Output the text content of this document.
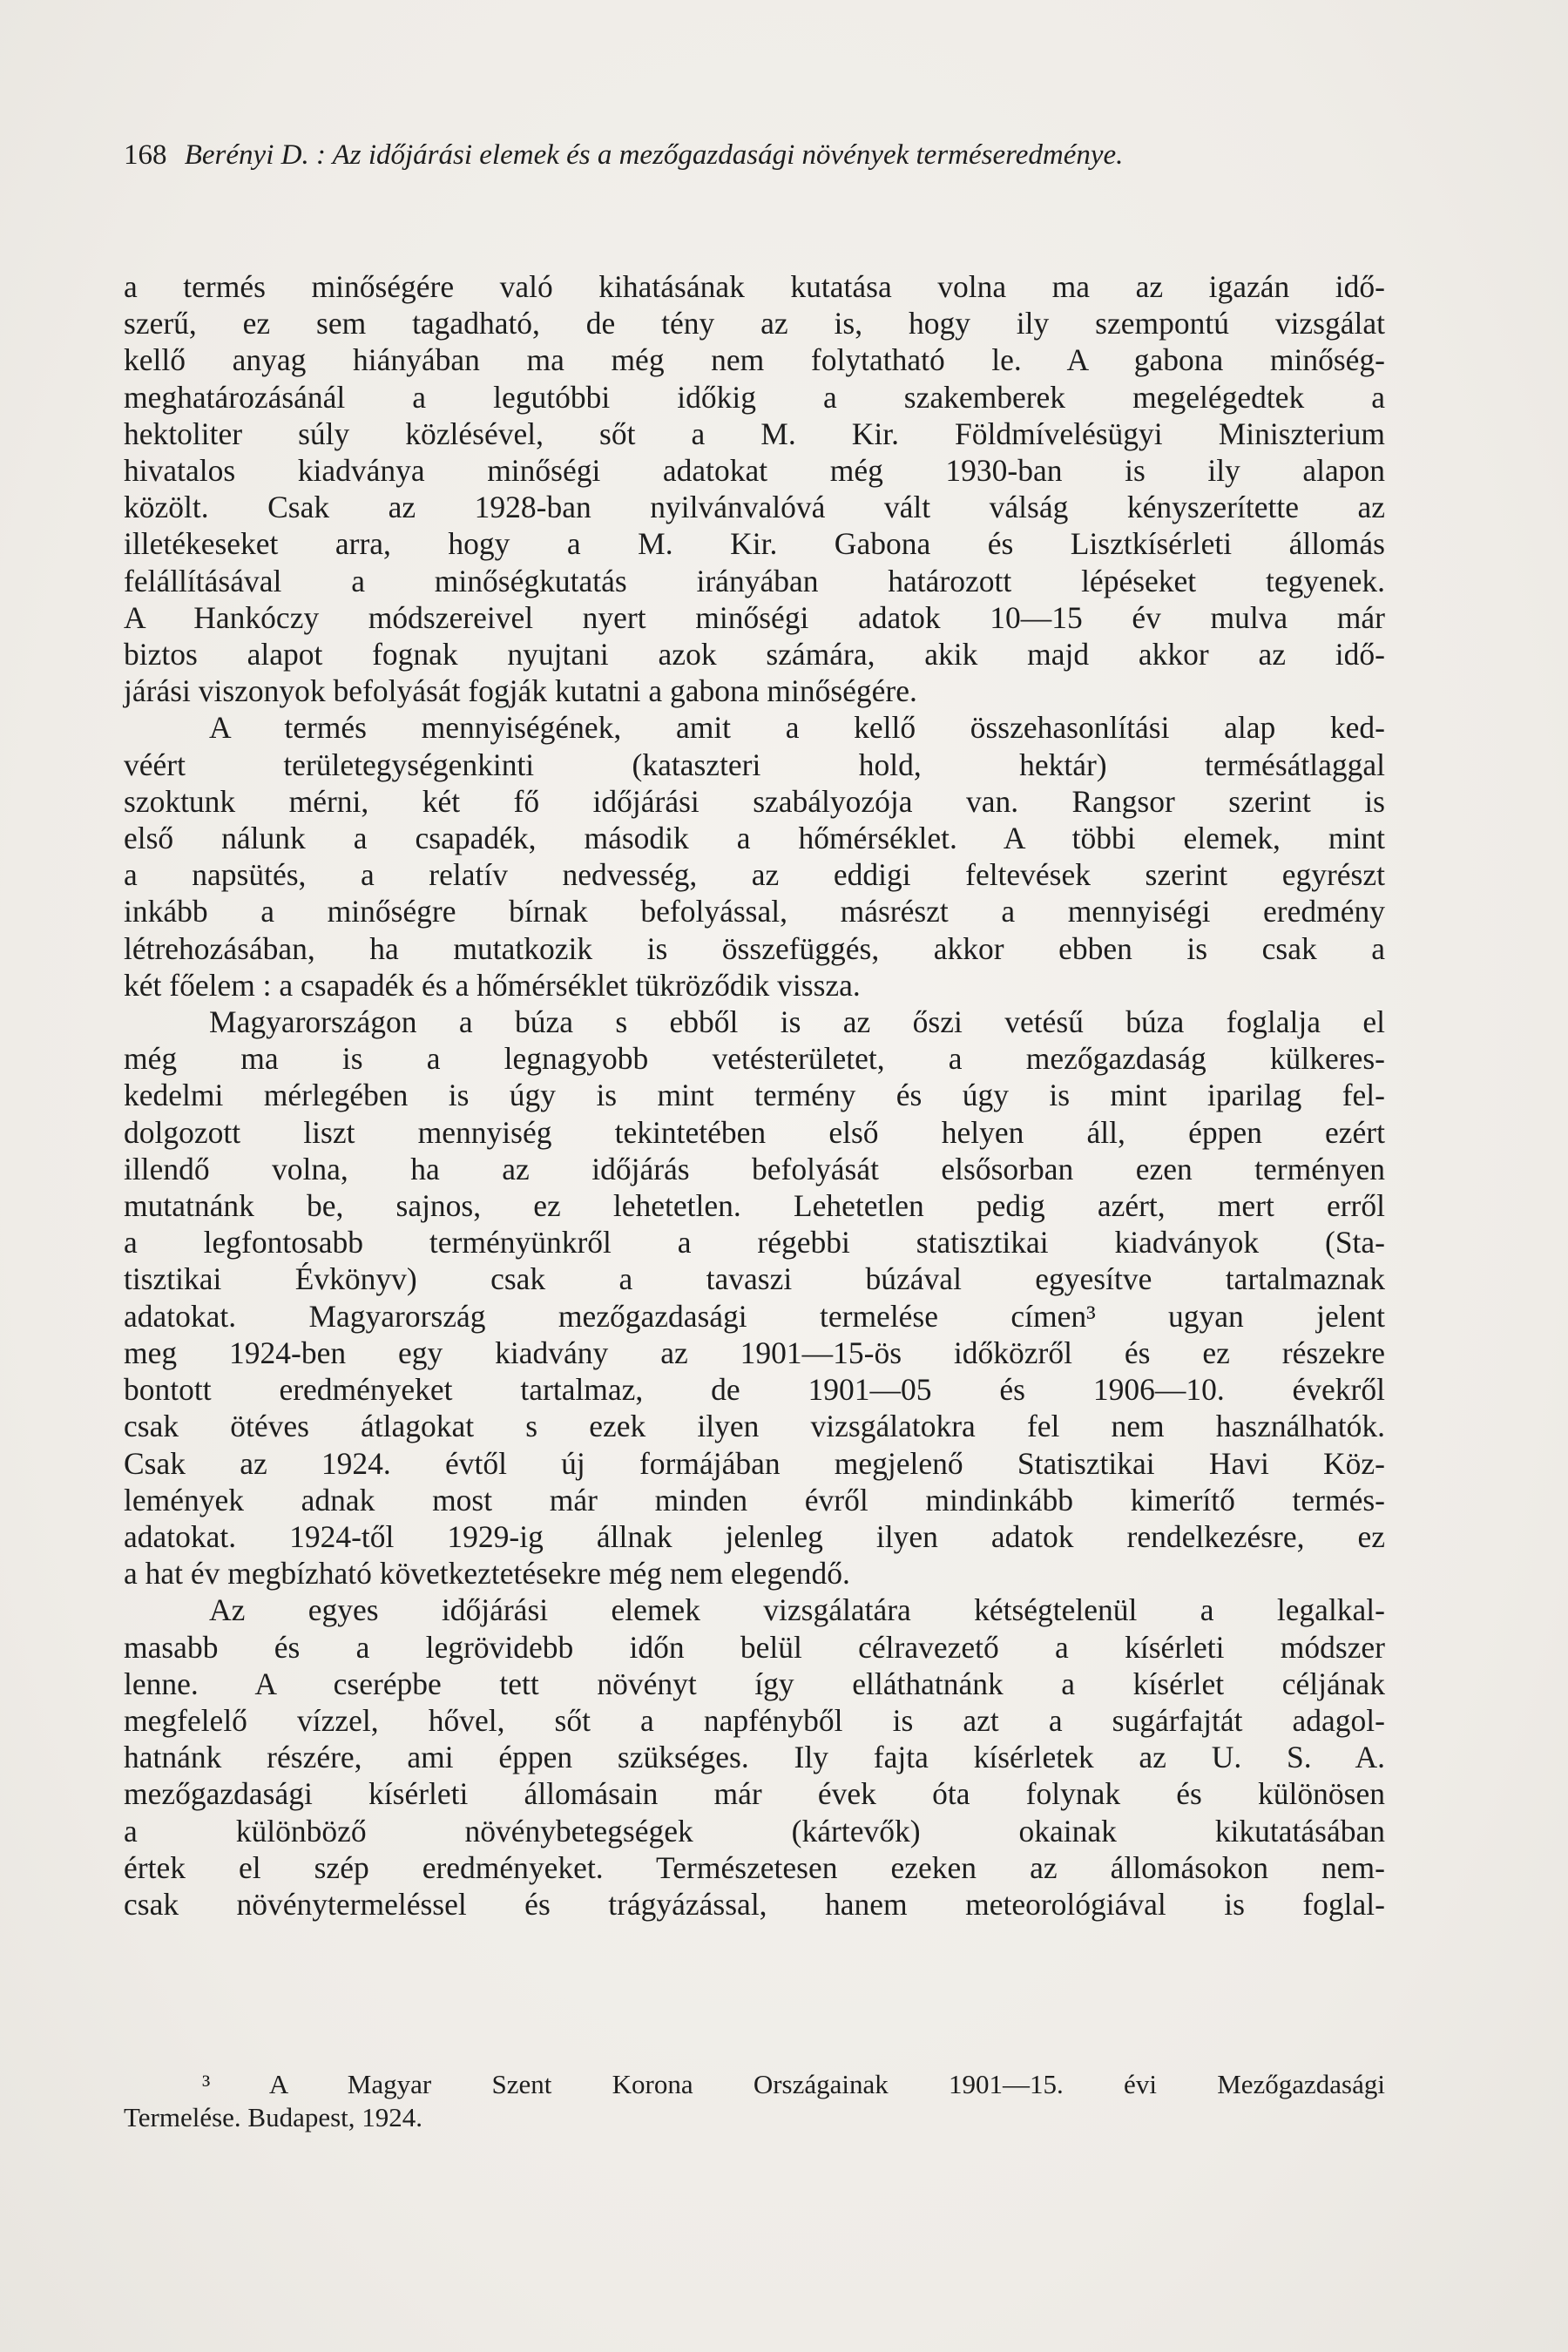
168 Berényi D. : Az időjárási elemek és a mezőgazdasági növények terméseredménye.

a termés minőségére való kihatásának kutatása volna ma az igazán idő-

szerű, ez sem tagadható, de tény az is, hogy ily szempontú vizsgálat

kellő anyag hiányában ma még nem folytatható le. A gabona minőség-

meghatározásánál a legutóbbi időkig a szakemberek megelégedtek a

hektoliter súly közlésével, sőt a M. Kir. Földmívelésügyi Miniszterium

hivatalos kiadványa minőségi adatokat még 1930-ban is ily alapon

közölt. Csak az 1928-ban nyilvánvalóvá vált válság kényszerítette az

illetékeseket arra, hogy a M. Kir. Gabona és Lisztkísérleti állomás

felállításával a minőségkutatás irányában határozott lépéseket tegyenek.

A Hankóczy módszereivel nyert minőségi adatok 10—15 év mulva már

biztos alapot fognak nyujtani azok számára, akik majd akkor az idő-

járási viszonyok befolyását fogják kutatni a gabona minőségére.

A termés mennyiségének, amit a kellő összehasonlítási alap ked-

véért területegységenkinti (kataszteri hold, hektár) termésátlaggal

szoktunk mérni, két fő időjárási szabályozója van. Rangsor szerint is

első nálunk a csapadék, második a hőmérséklet. A többi elemek, mint

a napsütés, a relatív nedvesség, az eddigi feltevések szerint egyrészt

inkább a minőségre bírnak befolyással, másrészt a mennyiségi eredmény

létrehozásában, ha mutatkozik is összefüggés, akkor ebben is csak a

két főelem : a csapadék és a hőmérséklet tükröződik vissza.

Magyarországon a búza s ebből is az őszi vetésű búza foglalja el

még ma is a legnagyobb vetésterületet, a mezőgazdaság külkeres-

kedelmi mérlegében is úgy is mint termény és úgy is mint iparilag fel-

dolgozott liszt mennyiség tekintetében első helyen áll, éppen ezért

illendő volna, ha az időjárás befolyását elsősorban ezen terményen

mutatnánk be, sajnos, ez lehetetlen. Lehetetlen pedig azért, mert erről

a legfontosabb terményünkről a régebbi statisztikai kiadványok (Sta-

tisztikai Évkönyv) csak a tavaszi búzával egyesítve tartalmaznak

adatokat. Magyarország mezőgazdasági termelése címen³ ugyan jelent

meg 1924-ben egy kiadvány az 1901—15-ös időközről és ez részekre

bontott eredményeket tartalmaz, de 1901—05 és 1906—10. évekről

csak ötéves átlagokat s ezek ilyen vizsgálatokra fel nem használhatók.

Csak az 1924. évtől új formájában megjelenő Statisztikai Havi Köz-

lemények adnak most már minden évről mindinkább kimerítő termés-

adatokat. 1924-től 1929-ig állnak jelenleg ilyen adatok rendelkezésre, ez

a hat év megbízható következtetésekre még nem elegendő.

Az egyes időjárási elemek vizsgálatára kétségtelenül a legalkal-

masabb és a legrövidebb időn belül célravezető a kísérleti módszer

lenne. A cserépbe tett növényt így elláthatnánk a kísérlet céljának

megfelelő vízzel, hővel, sőt a napfényből is azt a sugárfajtát adagol-

hatnánk részére, ami éppen szükséges. Ily fajta kísérletek az U. S. A.

mezőgazdasági kísérleti állomásain már évek óta folynak és különösen

a különböző növénybetegségek (kártevők) okainak kikutatásában

értek el szép eredményeket. Természetesen ezeken az állomásokon nem-

csak növénytermeléssel és trágyázással, hanem meteorológiával is foglal-

³ A Magyar Szent Korona Országainak 1901—15. évi Mezőgazdasági

Termelése. Budapest, 1924.
